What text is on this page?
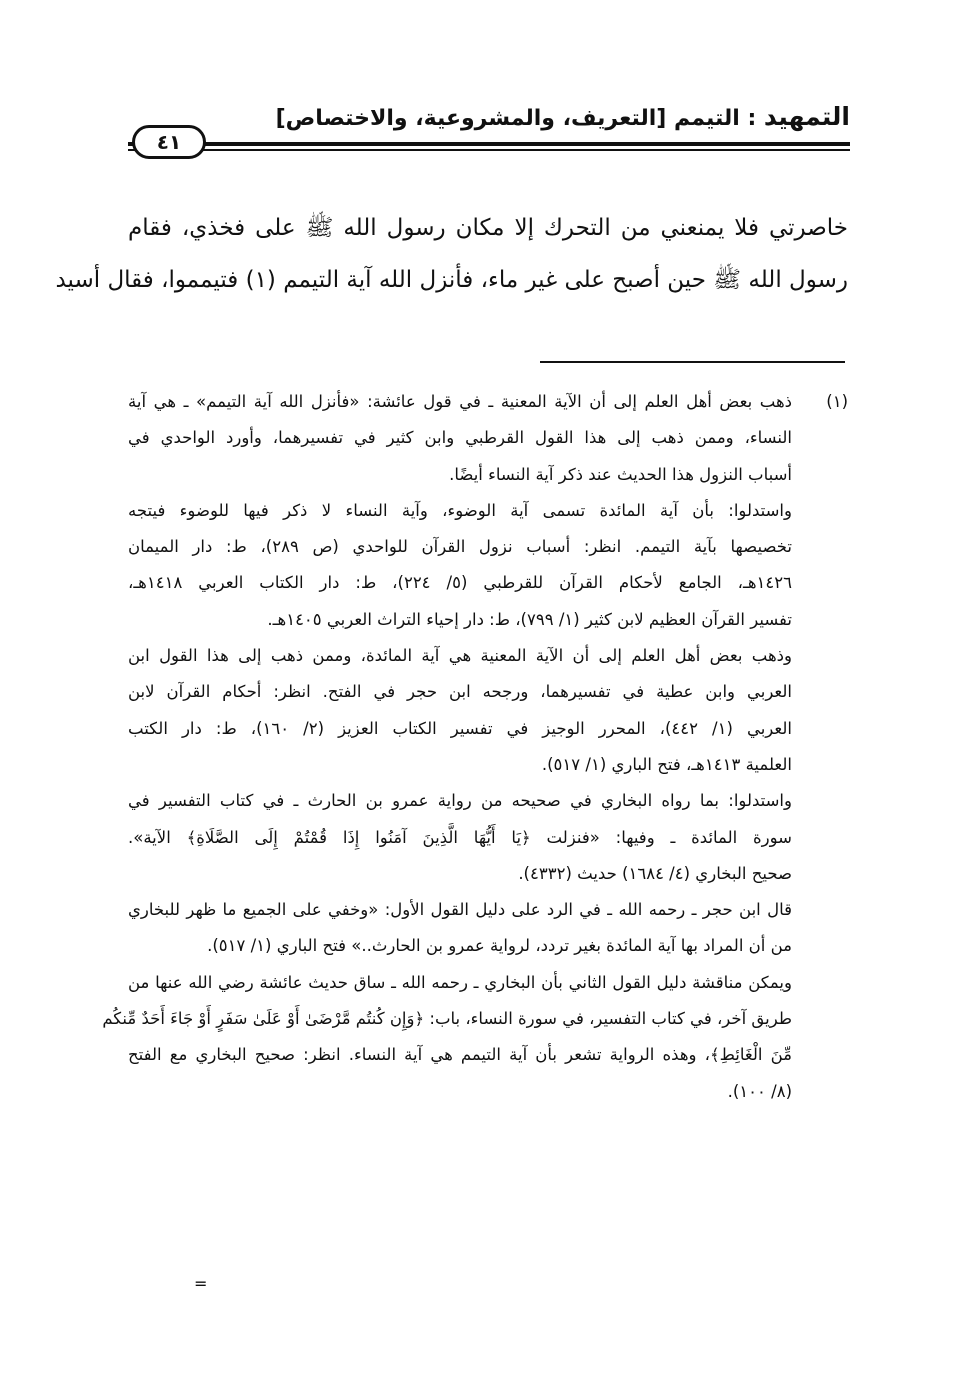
التمهيد : التيمم [التعريف، والمشروعية، والاختصاص]
٤١
خاصرتي فلا يمنعني من التحرك إلا مكان رسول الله ﷺ على فخذي، فقام
رسول الله ﷺ حين أصبح على غير ماء، فأنزل الله آية التيمم (١) فتيمموا، فقال أسيد
(١)
ذهب بعض أهل العلم إلى أن الآية المعنية ـ في قول عائشة: «فأنزل الله آية التيمم» ـ هي آية
النساء، وممن ذهب إلى هذا القول القرطبي وابن كثير في تفسيرهما، وأورد الواحدي في
أسباب النزول هذا الحديث عند ذكر آية النساء أيضًا.
واستدلوا: بأن آية المائدة تسمى آية الوضوء، وآية النساء لا ذكر فيها للوضوء فيتجه
تخصيصها بآية التيمم. انظر: أسباب نزول القرآن للواحدي (ص ٢٨٩)، ط: دار الميمان
١٤٢٦هـ، الجامع لأحكام القرآن للقرطبي (٥/ ٢٢٤)، ط: دار الكتاب العربي ١٤١٨هـ،
تفسير القرآن العظيم لابن كثير (١/ ٧٩٩)، ط: دار إحياء التراث العربي ١٤٠٥هـ.
وذهب بعض أهل العلم إلى أن الآية المعنية هي آية المائدة، وممن ذهب إلى هذا القول ابن
العربي وابن عطية في تفسيرهما، ورجحه ابن حجر في الفتح. انظر: أحكام القرآن لابن
العربي (١/ ٤٤٢)، المحرر الوجيز في تفسير الكتاب العزيز (٢/ ١٦٠)، ط: دار الكتب
العلمية ١٤١٣هـ، فتح الباري (١/ ٥١٧).
واستدلوا: بما رواه البخاري في صحيحه من رواية عمرو بن الحارث ـ في كتاب التفسير في
سورة المائدة ـ وفيها: «فنزلت ﴿يَا أَيُّهَا الَّذِينَ آمَنُوا إِذَا قُمْتُمْ إِلَى الصَّلَاةِ﴾ الآية».
صحيح البخاري (٤/ ١٦٨٤) حديث (٤٣٣٢).
قال ابن حجر ـ رحمه الله ـ في الرد على دليل القول الأول: «وخفي على الجميع ما ظهر للبخاري
من أن المراد بها آية المائدة بغير تردد، لرواية عمرو بن الحارث..» فتح الباري (١/ ٥١٧).
ويمكن مناقشة دليل القول الثاني بأن البخاري ـ رحمه الله ـ ساق حديث عائشة رضي الله عنها من
طريق آخر، في كتاب التفسير، في سورة النساء، باب: ﴿وَإِن كُنتُم مَّرْضَىٰ أَوْ عَلَىٰ سَفَرٍ أَوْ جَاءَ أَحَدٌ مِّنكُم
مِّنَ الْغَائِطِ﴾، وهذه الرواية تشعر بأن آية التيمم هي آية النساء. انظر: صحيح البخاري مع الفتح
(٨/ ١٠٠).
=
